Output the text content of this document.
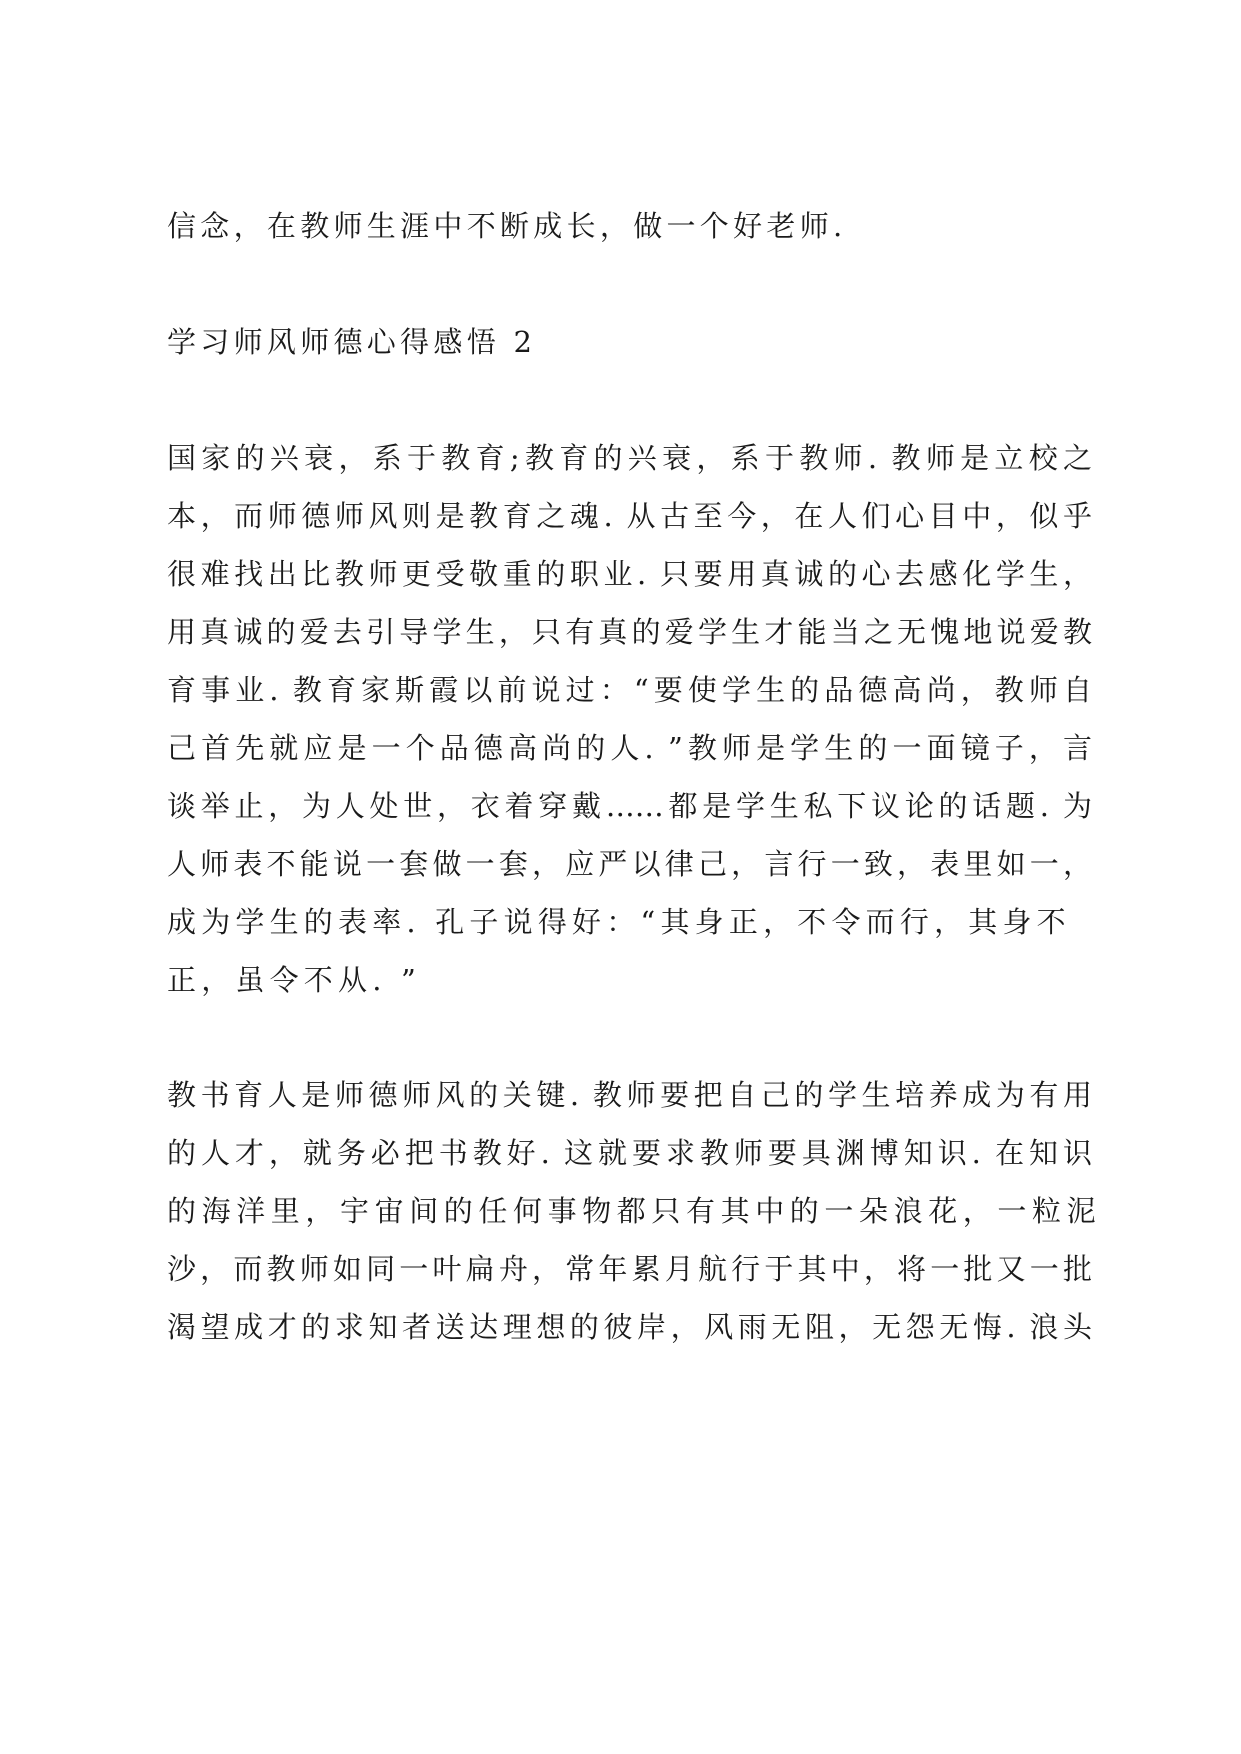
信念，在教师生涯中不断成长，做一个好老师.
学习师风师德心得感悟 2
国家的兴衰，系于教育;教育的兴衰，系于教师. 教师是立校之
本，而师德师风则是教育之魂. 从古至今，在人们心目中，似乎
很难找出比教师更受敬重的职业. 只要用真诚的心去感化学生，
用真诚的爱去引导学生，只有真的爱学生才能当之无愧地说爱教
育事业. 教育家斯霞以前说过：“要使学生的品德高尚，教师自
己首先就应是一个品德高尚的人. ”教师是学生的一面镜子，言
谈举止，为人处世，衣着穿戴……都是学生私下议论的话题. 为
人师表不能说一套做一套，应严以律己，言行一致，表里如一，
成为学生的表率. 孔子说得好：“其身正，不令而行，其身不
正，虽令不从. ”
教书育人是师德师风的关键. 教师要把自己的学生培养成为有用
的人才，就务必把书教好. 这就要求教师要具渊博知识. 在知识
的海洋里，宇宙间的任何事物都只有其中的一朵浪花，一粒泥
沙，而教师如同一叶扁舟，常年累月航行于其中，将一批又一批
渴望成才的求知者送达理想的彼岸，风雨无阻，无怨无悔. 浪头
